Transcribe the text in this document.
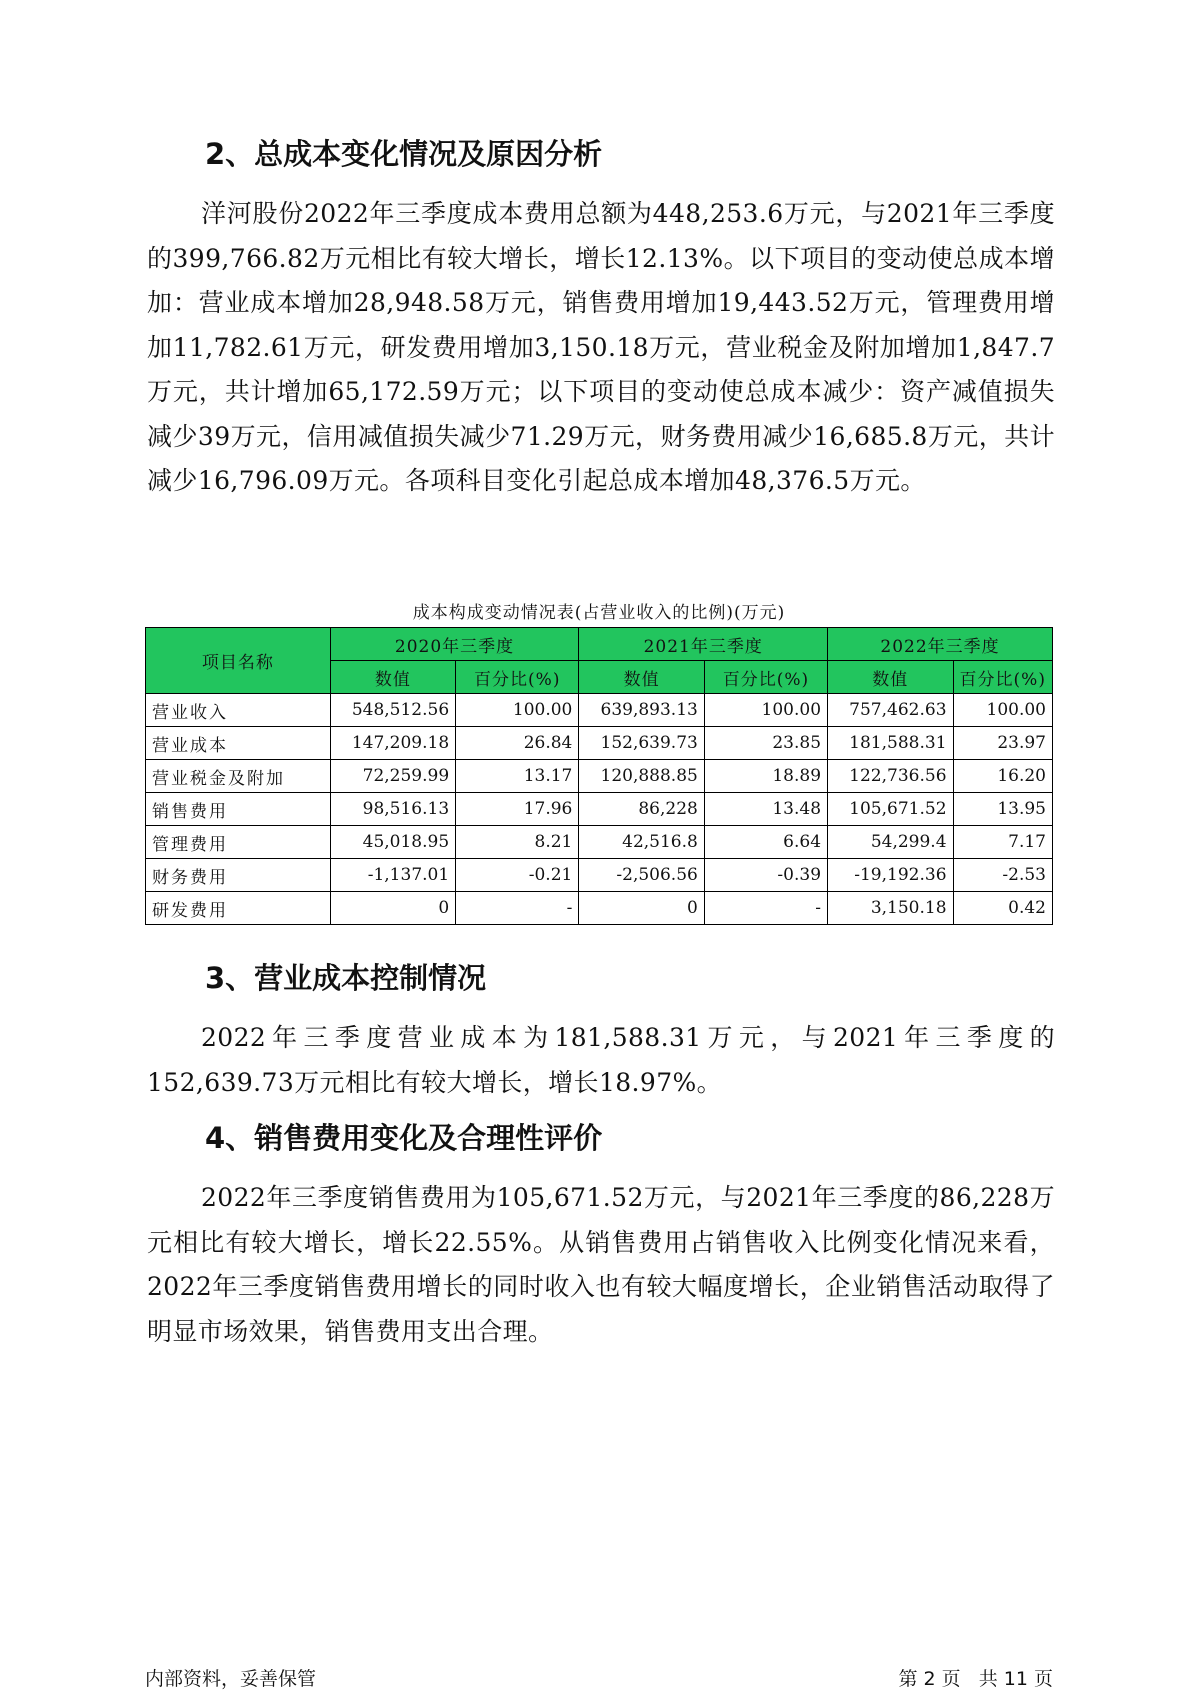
2、总成本变化情况及原因分析

洋河股份2022年三季度成本费用总额为448,253.6万元，与2021年三季度的399,766.82万元相比有较大增长，增长12.13%。以下项目的变动使总成本增加：营业成本增加28,948.58万元，销售费用增加19,443.52万元，管理费用增加11,782.61万元，研发费用增加3,150.18万元，营业税金及附加增加1,847.7万元，共计增加65,172.59万元；以下项目的变动使总成本减少：资产减值损失减少39万元，信用减值损失减少71.29万元，财务费用减少16,685.8万元，共计减少16,796.09万元。各项科目变化引起总成本增加48,376.5万元。

成本构成变动情况表(占营业收入的比例)(万元)

项目名称	2020年三季度		2021年三季度		2022年三季度	
	数值	百分比(%)	数值	百分比(%)	数值	百分比(%)
营业收入	548,512.56	100.00	639,893.13	100.00	757,462.63	100.00
营业成本	147,209.18	26.84	152,639.73	23.85	181,588.31	23.97
营业税金及附加	72,259.99	13.17	120,888.85	18.89	122,736.56	16.20
销售费用	98,516.13	17.96	86,228	13.48	105,671.52	13.95
管理费用	45,018.95	8.21	42,516.8	6.64	54,299.4	7.17
财务费用	-1,137.01	-0.21	-2,506.56	-0.39	-19,192.36	-2.53
研发费用	0	-	0	-	3,150.18	0.42
3、营业成本控制情况

2022年三季度营业成本为181,588.31万元，与2021年三季度的152,639.73万元相比有较大增长，增长18.97%。

4、销售费用变化及合理性评价

2022年三季度销售费用为105,671.52万元，与2021年三季度的86,228万元相比有较大增长，增长22.55%。从销售费用占销售收入比例变化情况来看，2022年三季度销售费用增长的同时收入也有较大幅度增长，企业销售活动取得了明显市场效果，销售费用支出合理。

内部资料，妥善保管	第 2 页   共 11 页
